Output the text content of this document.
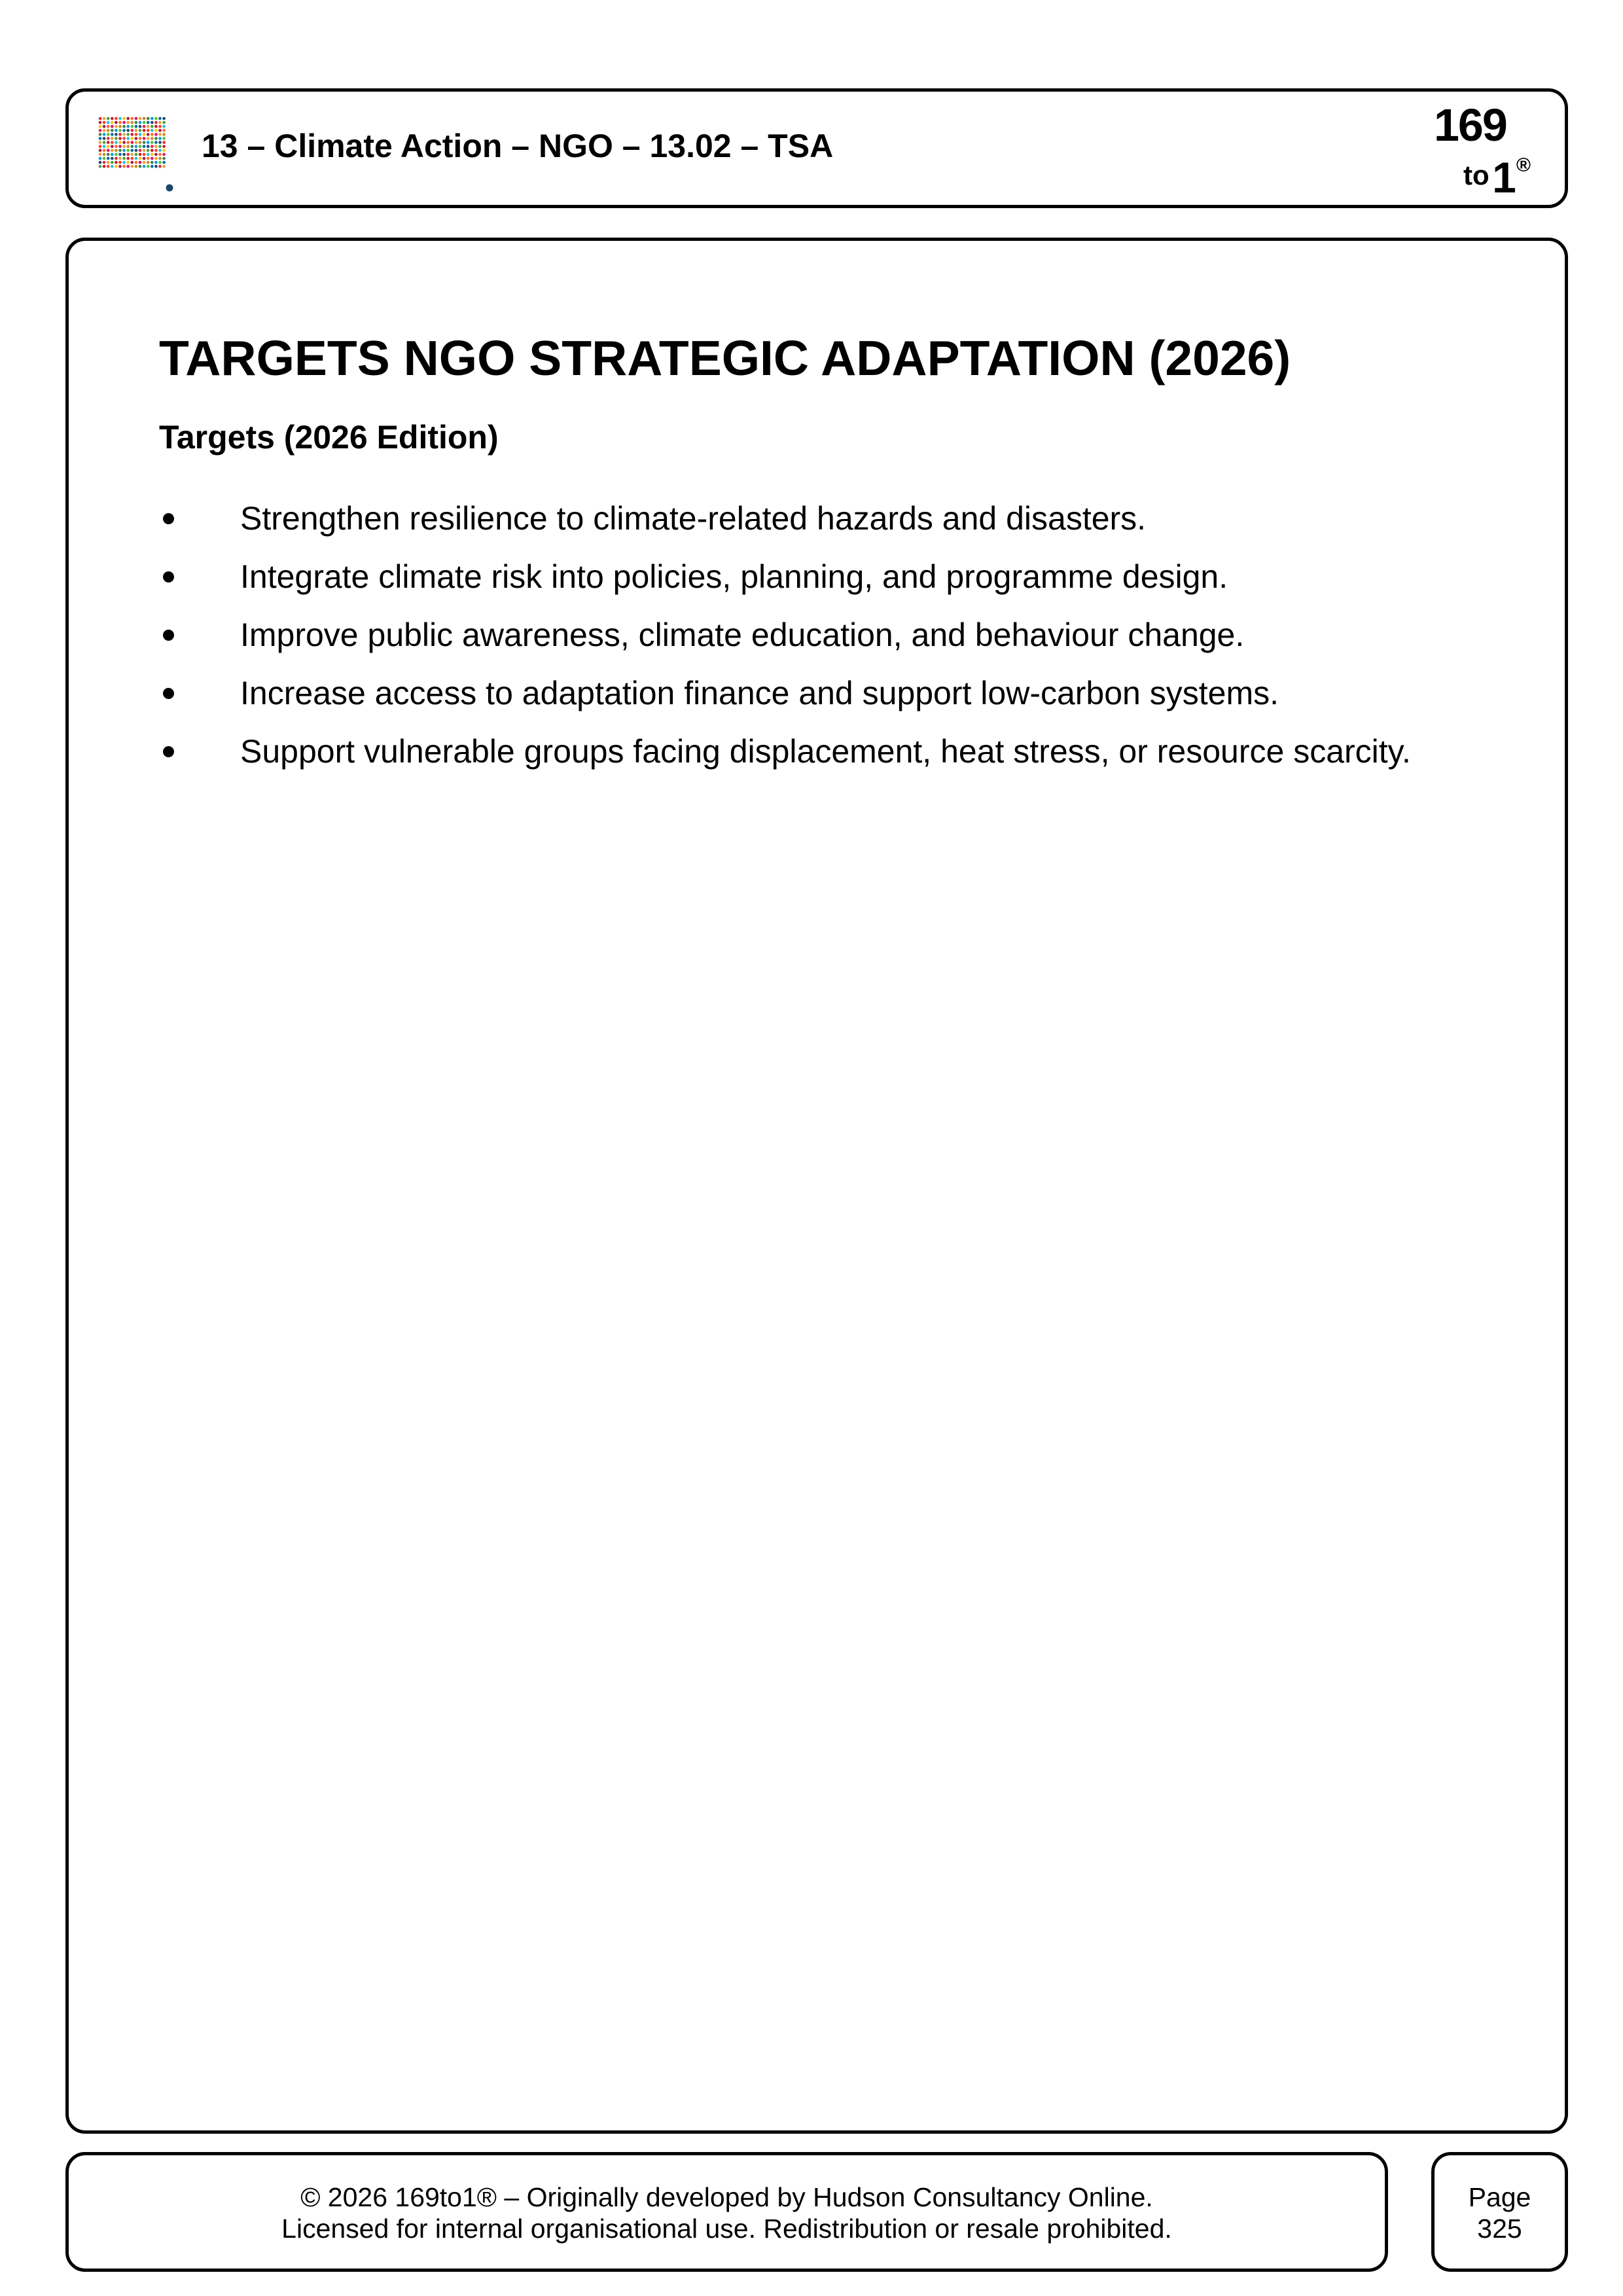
13 – Climate Action – NGO – 13.02 – TSA	169
to 1®
TARGETS NGO STRATEGIC ADAPTATION (2026)
Targets (2026 Edition)
Strengthen resilience to climate-related hazards and disasters.
Integrate climate risk into policies, planning, and programme design.
Improve public awareness, climate education, and behaviour change.
Increase access to adaptation finance and support low-carbon systems.
Support vulnerable groups facing displacement, heat stress, or resource scarcity.
© 2026 169to1® – Originally developed by Hudson Consultancy Online.
Licensed for internal organisational use. Redistribution or resale prohibited.
Page
325
